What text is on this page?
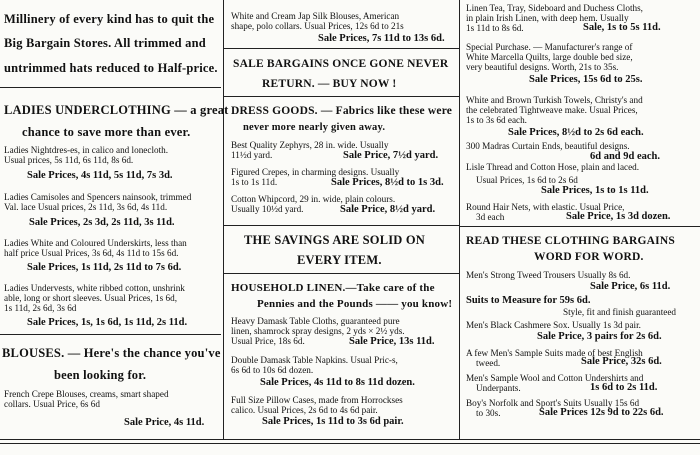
Millinery of every kind has to quit the
Big Bargain Stores. All trimmed and
untrimmed hats reduced to Half-price.
LADIES UNDERCLOTHING — a great
chance to save more than ever.
Ladies Nightdres-es, in calico and lonecloth.
Usual prices, 5s 11d, 6s 11d, 8s 6d.
Sale Prices, 4s 11d, 5s 11d, 7s 3d.
Ladies Camisoles and Spencers nainsook, trimmed
Val. lace Usual prices, 2s 11d, 3s 6d, 4s 11d.
Sale Prices, 2s 3d, 2s 11d, 3s 11d.
Ladies White and Coloured Underskirts, less than
half price Usual Prices, 3s 6d, 4s 11d to 15s 6d.
Sale Prices, 1s 11d, 2s 11d to 7s 6d.
Ladies Undervests, white ribbed cotton, unshrink
able, long or short sleeves. Usual Prices, 1s 6d,
1s 11d, 2s 6d, 3s 6d
Sale Prices, 1s, 1s 6d, 1s 11d, 2s 11d.
BLOUSES. — Here's the chance you've
been looking for.
French Crepe Blouses, creams, smart shaped
collars. Usual Price, 6s 6d
Sale Price, 4s 11d.
White and Cream Jap Silk Blouses, American
shape, polo collars. Usual Prices, 12s 6d to 21s
Sale Prices, 7s 11d to 13s 6d.
SALE BARGAINS ONCE GONE NEVER
RETURN. — BUY NOW !
DRESS GOODS. — Fabrics like these were
never more nearly given away.
Best Quality Zephyrs, 28 in. wide. Usually
11½d yard.	Sale Price, 7½d yard.
Figured Crepes, in charming designs. Usually
1s to 1s 11d.	Sale Prices, 8½d to 1s 3d.
Cotton Whipcord, 29 in. wide, plain colours.
Usually 10½d yard.	Sale Price, 8½d yard.
THE SAVINGS ARE SOLID ON
EVERY ITEM.
HOUSEHOLD LINEN.—Take care of the
Pennies and the Pounds —— you know!
Heavy Damask Table Cloths, guaranteed pure
linen, shamrock spray designs, 2 yds × 2½ yds.
Usual Price, 18s 6d.	Sale Price, 13s 11d.
Double Damask Table Napkins. Usual Pric-s,
6s 6d to 10s 6d dozen.
Sale Prices, 4s 11d to 8s 11d dozen.
Full Size Pillow Cases, made from Horrockses
calico. Usual Prices, 2s 6d to 4s 6d pair.
Sale Prices, 1s 11d to 3s 6d pair.
Linen Tea, Tray, Sideboard and Duchess Cloths,
in plain Irish Linen, with deep hem. Usually
1s 11d to 8s 6d.	Sale, 1s to 5s 11d.
Special Purchase. — Manufacturer's range of
White Marcella Quilts, large double bed size,
very beautiful designs. Worth, 21s to 35s.
Sale Prices, 15s 6d to 25s.
White and Brown Turkish Towels, Christy's and
the celebrated Tightweave make. Usual Prices,
1s to 3s 6d each.
Sale Prices, 8½d to 2s 6d each.
300 Madras Curtain Ends, beautiful designs.
6d and 9d each.
Lisle Thread and Cotton Hose, plain and laced.
Usual Prices, 1s 6d to 2s 6d
Sale Prices, 1s to 1s 11d.
Round Hair Nets, with elastic. Usual Price,
3d each	Sale Price, 1s 3d dozen.
READ THESE CLOTHING BARGAINS
WORD FOR WORD.
Men's Strong Tweed Trousers Usually 8s 6d.
Sale Price, 6s 11d.
Suits to Measure for 59s 6d.
Style, fit and finish guaranteed
Men's Black Cashmere Sox. Usually 1s 3d pair.
Sale Price, 3 pairs for 2s 6d.
A few Men's Sample Suits made of best English
tweed.	Sale Price, 32s 6d.
Men's Sample Wool and Cotton Undershirts and
Underpants.	1s 6d to 2s 11d.
Boy's Norfolk and Sport's Suits Usually 15s 6d
to 30s.	Sale Prices 12s 9d to 22s 6d.
